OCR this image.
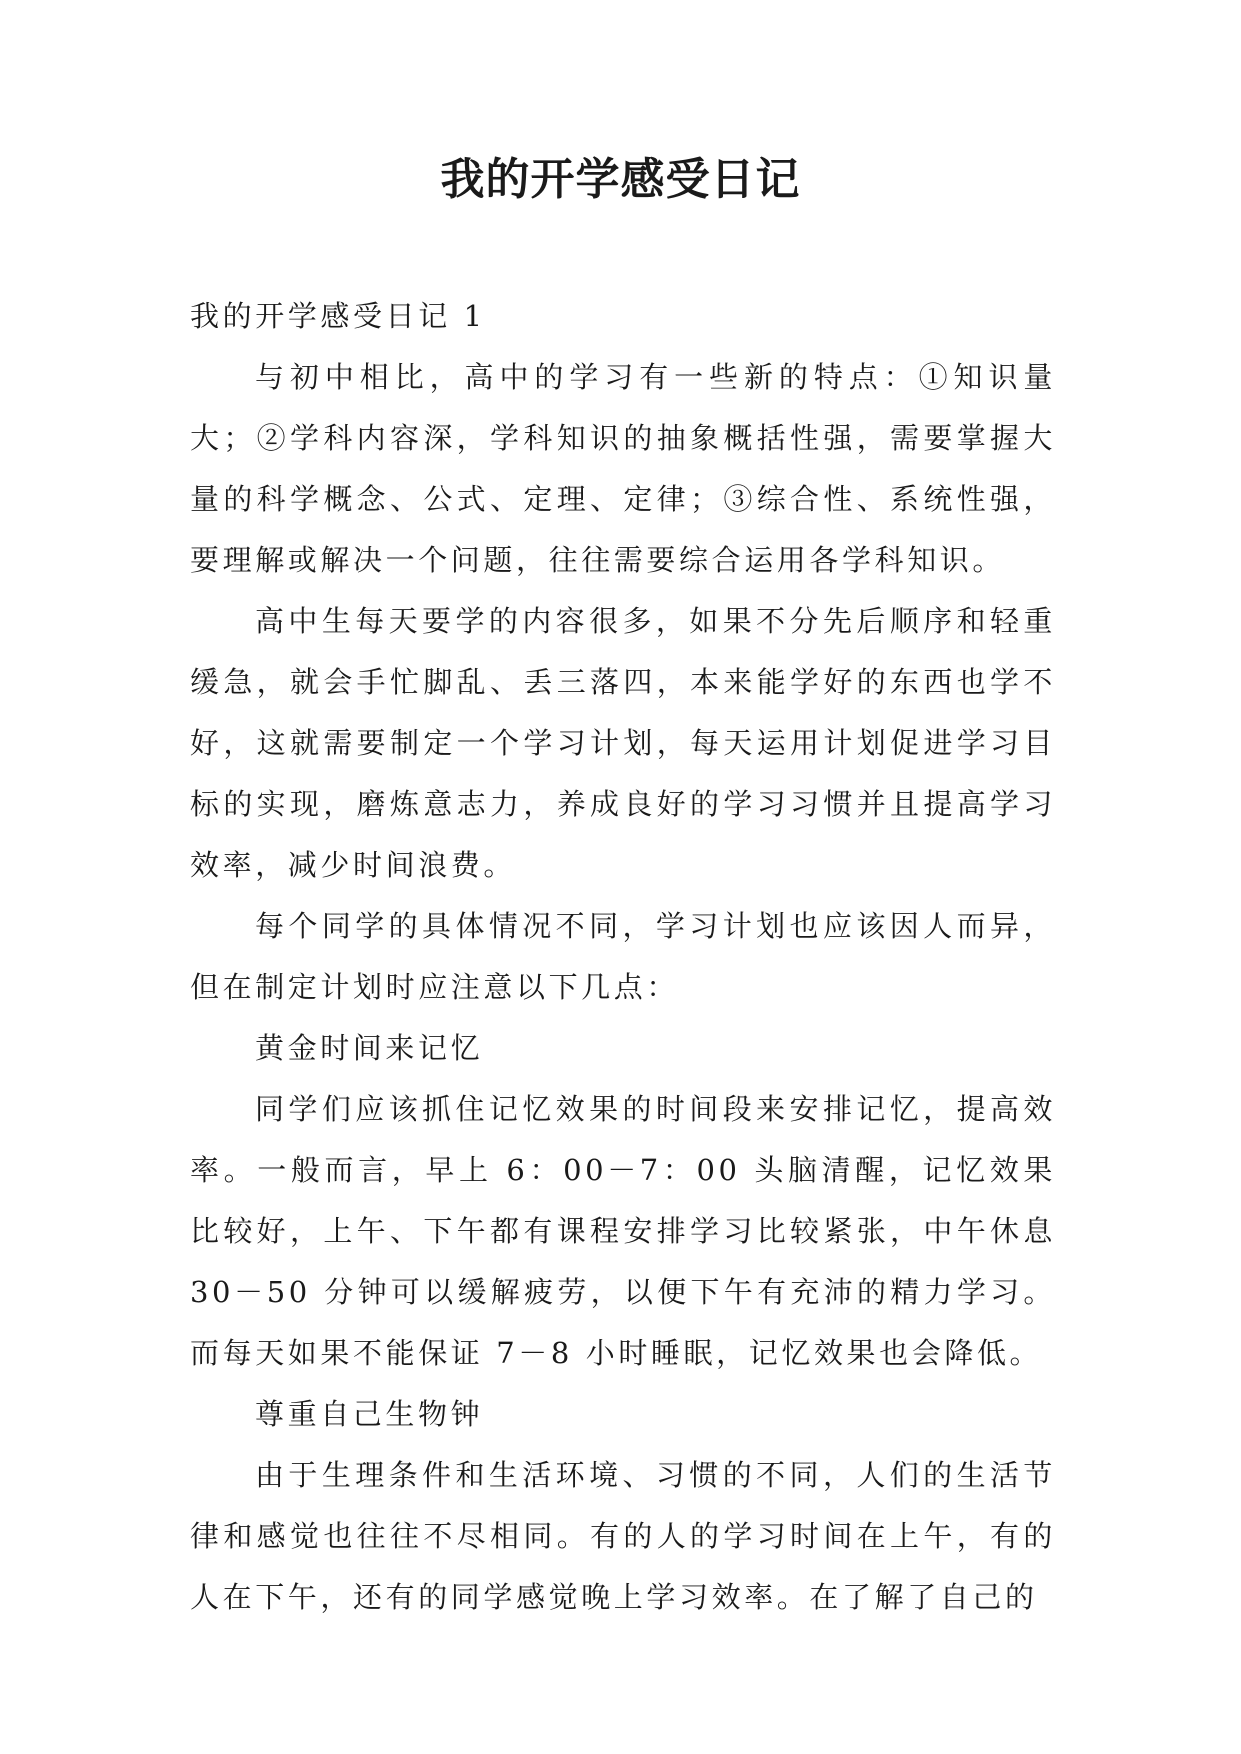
我的开学感受日记

我的开学感受日记 1

与初中相比，高中的学习有一些新的特点：①知识量大；②学科内容深，学科知识的抽象概括性强，需要掌握大量的科学概念、公式、定理、定律；③综合性、系统性强，要理解或解决一个问题，往往需要综合运用各学科知识。

高中生每天要学的内容很多，如果不分先后顺序和轻重缓急，就会手忙脚乱、丢三落四，本来能学好的东西也学不好，这就需要制定一个学习计划，每天运用计划促进学习目标的实现，磨炼意志力，养成良好的学习习惯并且提高学习效率，减少时间浪费。

每个同学的具体情况不同，学习计划也应该因人而异，但在制定计划时应注意以下几点：

黄金时间来记忆

同学们应该抓住记忆效果的时间段来安排记忆，提高效率。一般而言，早上 6：00－7：00 头脑清醒，记忆效果比较好，上午、下午都有课程安排学习比较紧张，中午休息 30－50 分钟可以缓解疲劳，以便下午有充沛的精力学习。而每天如果不能保证 7－8 小时睡眠，记忆效果也会降低。

尊重自己生物钟

由于生理条件和生活环境、习惯的不同，人们的生活节律和感觉也往往不尽相同。有的人的学习时间在上午，有的人在下午，还有的同学感觉晚上学习效率。在了解了自己的
